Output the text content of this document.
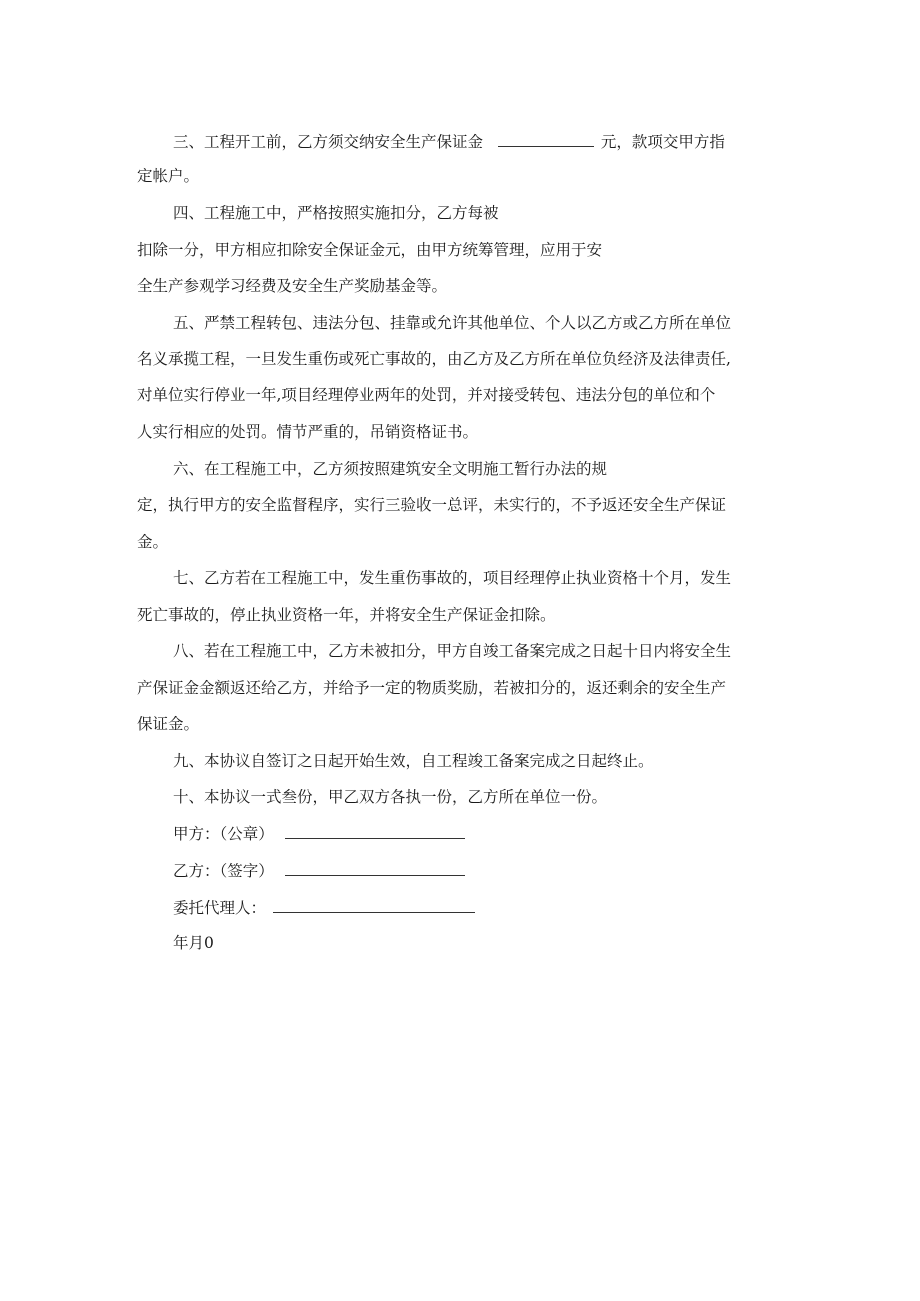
三、工程开工前，乙方须交纳安全生产保证金	元，款项交甲方指
定帐户。
四、工程施工中，严格按照实施扣分，乙方每被
扣除一分，甲方相应扣除安全保证金元，由甲方统筹管理，应用于安
全生产参观学习经费及安全生产奖励基金等。
五、严禁工程转包、违法分包、挂靠或允许其他单位、个人以乙方或乙方所在单位
名义承揽工程，一旦发生重伤或死亡事故的，由乙方及乙方所在单位负经济及法律责任,
对单位实行停业一年,项目经理停业两年的处罚，并对接受转包、违法分包的单位和个
人实行相应的处罚。情节严重的，吊销资格证书。
六、在工程施工中，乙方须按照建筑安全文明施工暂行办法的规
定，执行甲方的安全监督程序，实行三验收一总评，未实行的，不予返还安全生产保证
金。
七、乙方若在工程施工中，发生重伤事故的，项目经理停止执业资格十个月，发生
死亡事故的，停止执业资格一年，并将安全生产保证金扣除。
八、若在工程施工中，乙方未被扣分，甲方自竣工备案完成之日起十日内将安全生
产保证金金额返还给乙方，并给予一定的物质奖励，若被扣分的，返还剩余的安全生产
保证金。
九、本协议自签订之日起开始生效，自工程竣工备案完成之日起终止。
十、本协议一式叁份，甲乙双方各执一份，乙方所在单位一份。
甲方：（公章）
乙方：（签字）
委托代理人：
年月0
